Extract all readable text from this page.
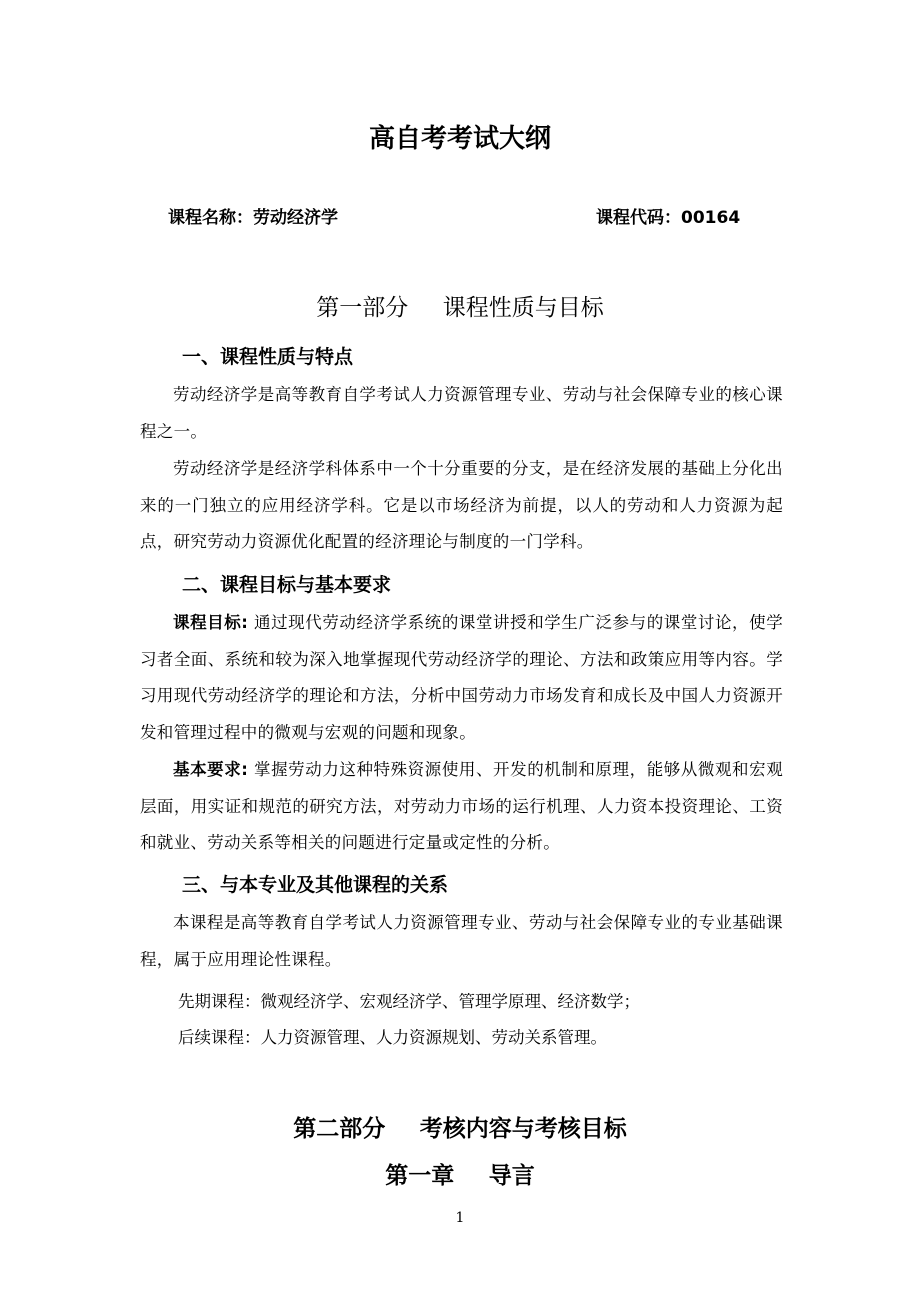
高自考考试大纲
课程名称：劳动经济学	课程代码：00164
第一部分 课程性质与目标
一、课程性质与特点
劳动经济学是高等教育自学考试人力资源管理专业、劳动与社会保障专业的核心课程之一。
劳动经济学是经济学科体系中一个十分重要的分支，是在经济发展的基础上分化出来的一门独立的应用经济学科。它是以市场经济为前提，以人的劳动和人力资源为起点，研究劳动力资源优化配置的经济理论与制度的一门学科。
二、课程目标与基本要求
课程目标: 通过现代劳动经济学系统的课堂讲授和学生广泛参与的课堂讨论，使学习者全面、系统和较为深入地掌握现代劳动经济学的理论、方法和政策应用等内容。学习用现代劳动经济学的理论和方法，分析中国劳动力市场发育和成长及中国人力资源开发和管理过程中的微观与宏观的问题和现象。
基本要求: 掌握劳动力这种特殊资源使用、开发的机制和原理，能够从微观和宏观层面，用实证和规范的研究方法，对劳动力市场的运行机理、人力资本投资理论、工资和就业、劳动关系等相关的问题进行定量或定性的分析。
三、与本专业及其他课程的关系
本课程是高等教育自学考试人力资源管理专业、劳动与社会保障专业的专业基础课程，属于应用理论性课程。
先期课程：微观经济学、宏观经济学、管理学原理、经济数学；
后续课程：人力资源管理、人力资源规划、劳动关系管理。
第二部分 考核内容与考核目标
第一章 导言
1
